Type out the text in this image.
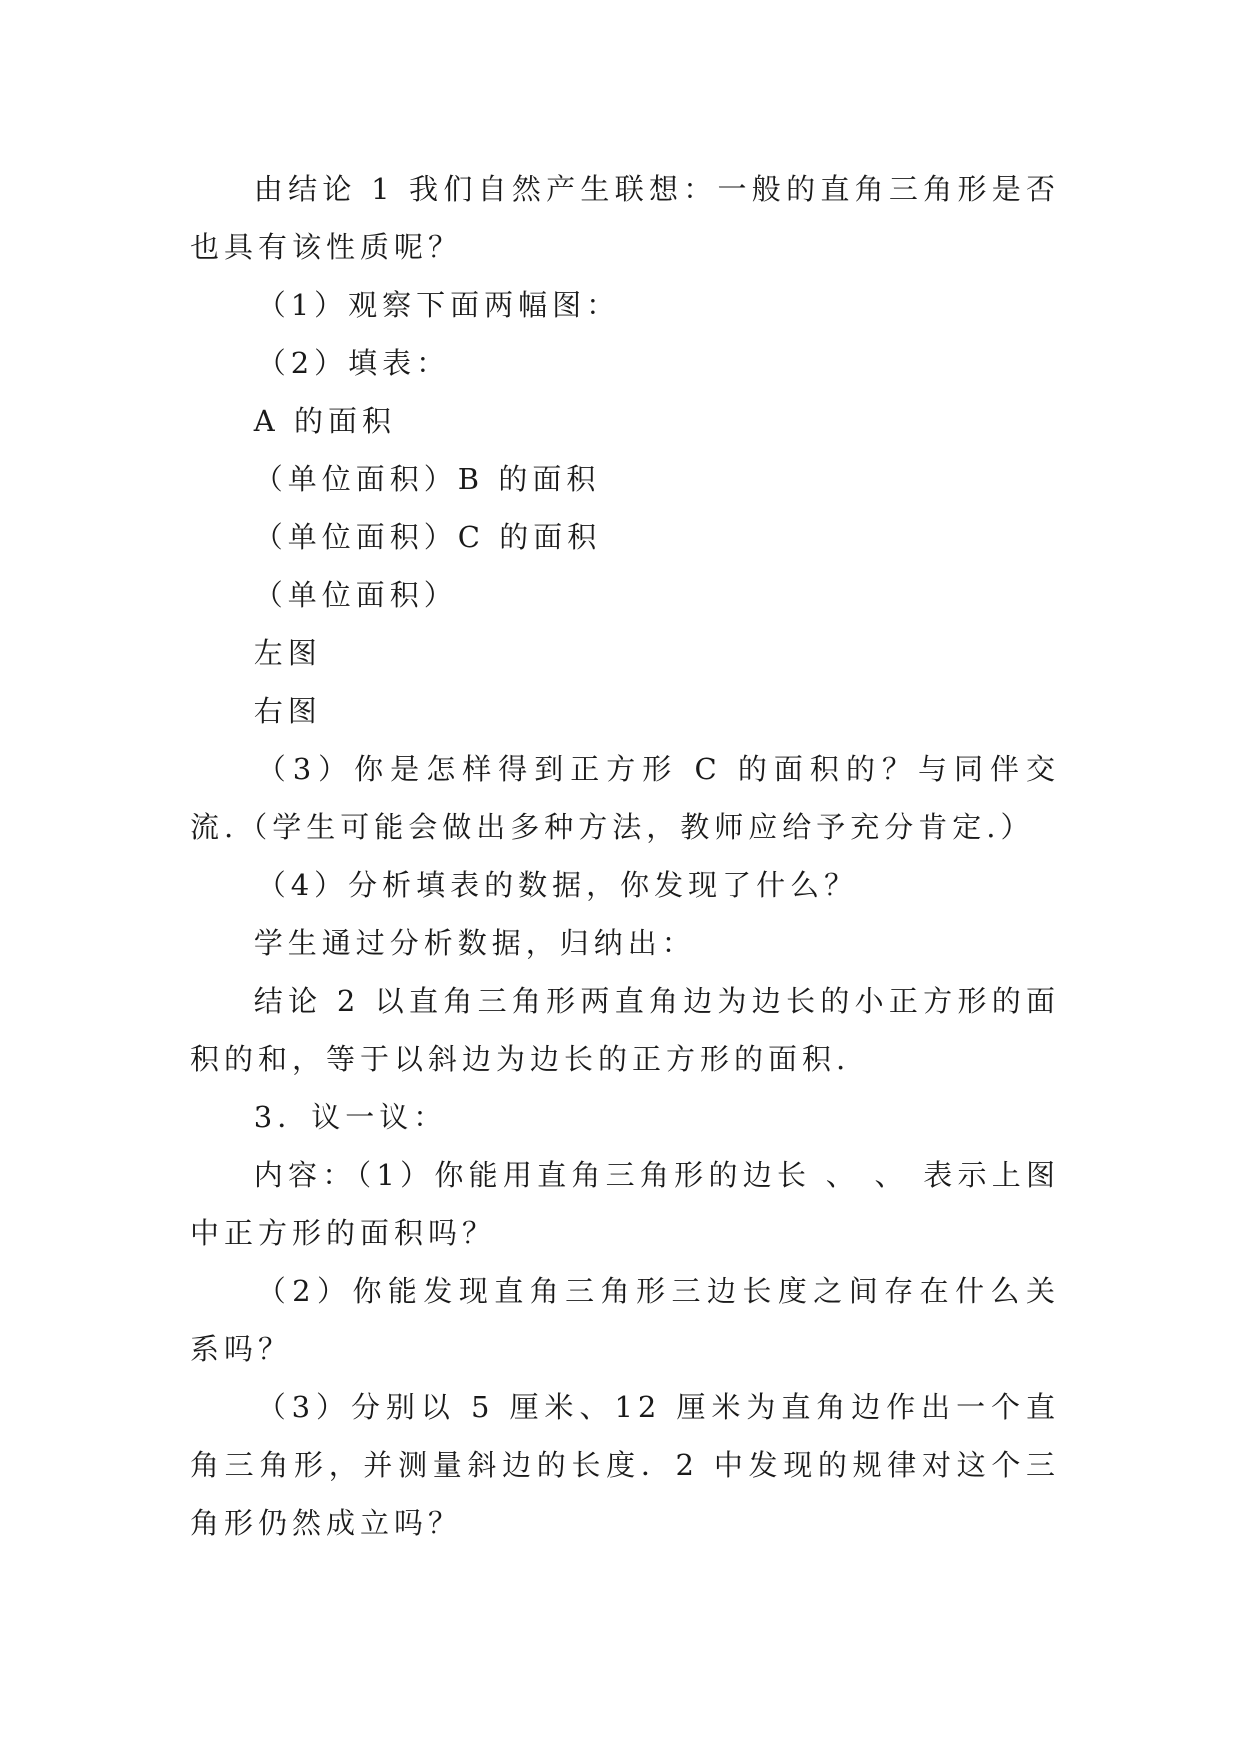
由结论 1 我们自然产生联想：一般的直角三角形是否也具有该性质呢？

（1）观察下面两幅图：

（2）填表：

A 的面积

（单位面积）B 的面积

（单位面积）C 的面积

（单位面积）

左图

右图

（3）你是怎样得到正方形 C 的面积的？与同伴交流.（学生可能会做出多种方法，教师应给予充分肯定.）

（4）分析填表的数据，你发现了什么？

学生通过分析数据，归纳出：

结论 2 以直角三角形两直角边为边长的小正方形的面积的和，等于以斜边为边长的正方形的面积.

3．议一议：

内容：（1）你能用直角三角形的边长 、 、 表示上图中正方形的面积吗？

（2）你能发现直角三角形三边长度之间存在什么关系吗？

（3）分别以 5 厘米、12 厘米为直角边作出一个直角三角形，并测量斜边的长度．2 中发现的规律对这个三角形仍然成立吗？
